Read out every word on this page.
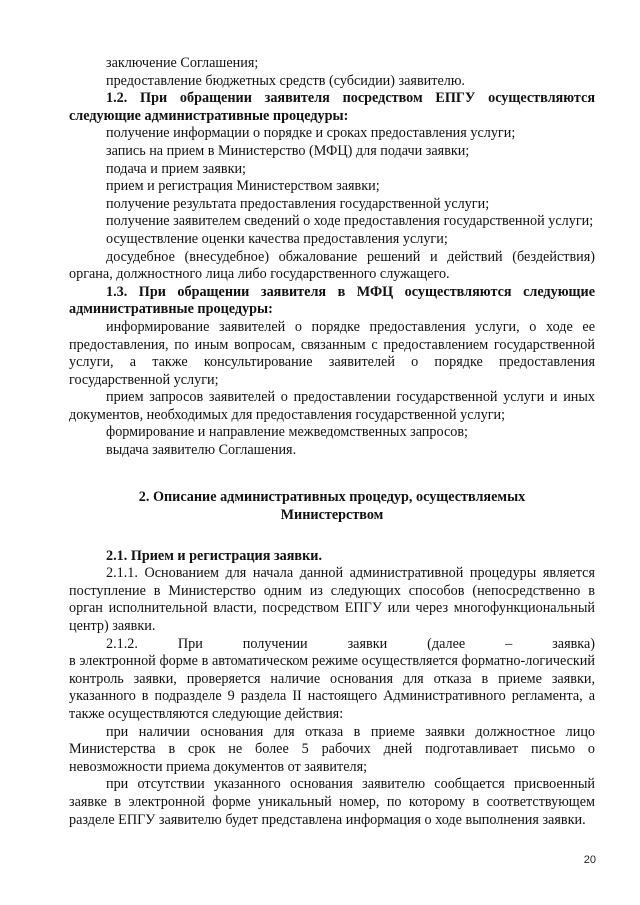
заключение Соглашения;

предоставление бюджетных средств (субсидии) заявителю.

1.2. При обращении заявителя посредством ЕПГУ осуществляются следующие административные процедуры:

получение информации о порядке и сроках предоставления услуги;

запись на прием в Министерство (МФЦ) для подачи заявки;

подача и прием заявки;

прием и регистрация Министерством заявки;

получение результата предоставления государственной услуги;

получение заявителем сведений о ходе предоставления государственной услуги;

осуществление оценки качества предоставления услуги;

досудебное (внесудебное) обжалование решений и действий (бездействия) органа, должностного лица либо государственного служащего.

1.3. При обращении заявителя в МФЦ осуществляются следующие административные процедуры:

информирование заявителей о порядке предоставления услуги, о ходе ее предоставления, по иным вопросам, связанным с предоставлением государственной услуги, а также консультирование заявителей о порядке предоставления государственной услуги;

прием запросов заявителей о предоставлении государственной услуги и иных документов, необходимых для предоставления государственной услуги;

формирование и направление межведомственных запросов;

выдача заявителю Соглашения.

2. Описание административных процедур, осуществляемых
Министерством

2.1. Прием и регистрация заявки.

2.1.1. Основанием для начала данной административной процедуры является поступление в Министерство одним из следующих способов (непосредственно в орган исполнительной власти, посредством ЕПГУ или через многофункциональный центр) заявки.

2.1.2. При получении заявки (далее – заявка)

в электронной форме в автоматическом режиме осуществляется форматно-логический контроль заявки, проверяется наличие основания для отказа в приеме заявки, указанного в подразделе 9 раздела II настоящего Административного регламента, а также осуществляются следующие действия:

при наличии основания для отказа в приеме заявки должностное лицо Министерства в срок не более 5 рабочих дней подготавливает письмо о невозможности приема документов от заявителя;

при отсутствии указанного основания заявителю сообщается присвоенный заявке в электронной форме уникальный номер, по которому в соответствующем разделе ЕПГУ заявителю будет представлена информация о ходе выполнения заявки.

20
